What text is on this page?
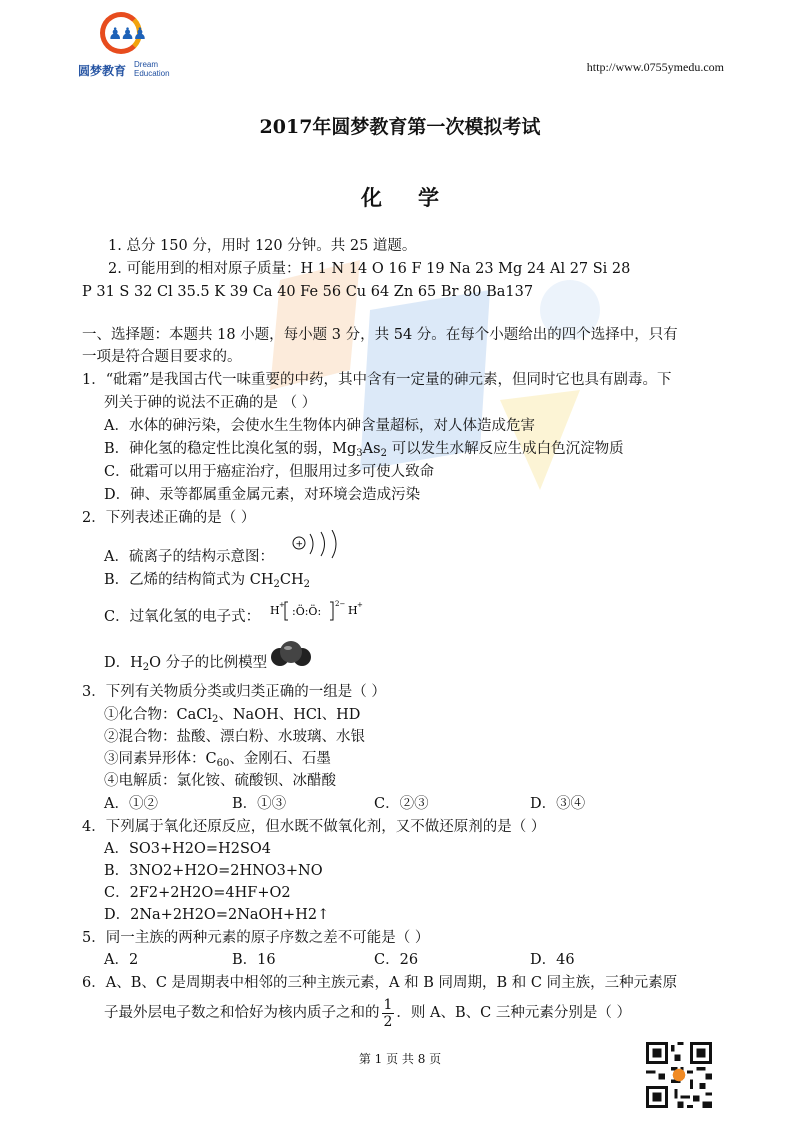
♟♟♟
圆梦教育 Dream Education	http://www.0755ymedu.com
2017年圆梦教育第一次模拟考试
化学
1. 总分 150 分，用时 120 分钟。共 25 道题。
2. 可能用到的相对原子质量：H 1 N 14 O 16 F 19 Na 23 Mg 24 Al 27 Si 28
P 31 S 32 Cl 35.5 K 39 Ca 40 Fe 56 Cu 64 Zn 65 Br 80 Ba137
一、选择题：本题共 18 小题，每小题 3 分，共 54 分。在每个小题给出的四个选择中，只有
一项是符合题目要求的。
1．“砒霜”是我国古代一味重要的中药，其中含有一定量的砷元素，但同时它也具有剧毒。下
列关于砷的说法不正确的是 （ ）
A．水体的砷污染，会使水生生物体内砷含量超标，对人体造成危害
B．砷化氢的稳定性比溴化氢的弱，$Mg_3As_2$ 可以发生水解反应生成白色沉淀物质
C．砒霜可以用于癌症治疗，但服用过多可使人致命
D．砷、汞等都属重金属元素，对环境会造成污染
2．下列表述正确的是（ ）
A．硫离子的结构示意图：
+
B．乙烯的结构简式为 $CH_2CH_2$
C．过氧化氢的电子式： H + :Ö:Ö:
2− H +
D．$H_2O$ 分子的比例模型
3．下列有关物质分类或归类正确的一组是（ ）
①化合物：CaCl$_2$、NaOH、HCl、HD
②混合物：盐酸、漂白粉、水玻璃、水银
③同素异形体：$C_{60}$、金刚石、石墨
④电解质：氯化铵、硫酸钡、冰醋酸
A．①②	B．①③	C．②③	D．③④
4．下列属于氧化还原反应，但水既不做氧化剂，又不做还原剂的是（ ）
A．SO3+H2O=H2SO4
B．3NO2+H2O=2HNO3+NO
C．2F2+2H2O=4HF+O2
D．2Na+2H2O=2NaOH+H2↑
5．同一主族的两种元素的原子序数之差不可能是（ ）
A．2	B．16	C．26	D．46
6．A、B、C 是周期表中相邻的三种主族元素，A 和 B 同周期，B 和 C 同主族，三种元素原
子最外层电子数之和恰好为核内质子之和的 $\frac{1}{2}$ ．则 A、B、C 三种元素分别是（ ）
第 1 页 共 8 页
